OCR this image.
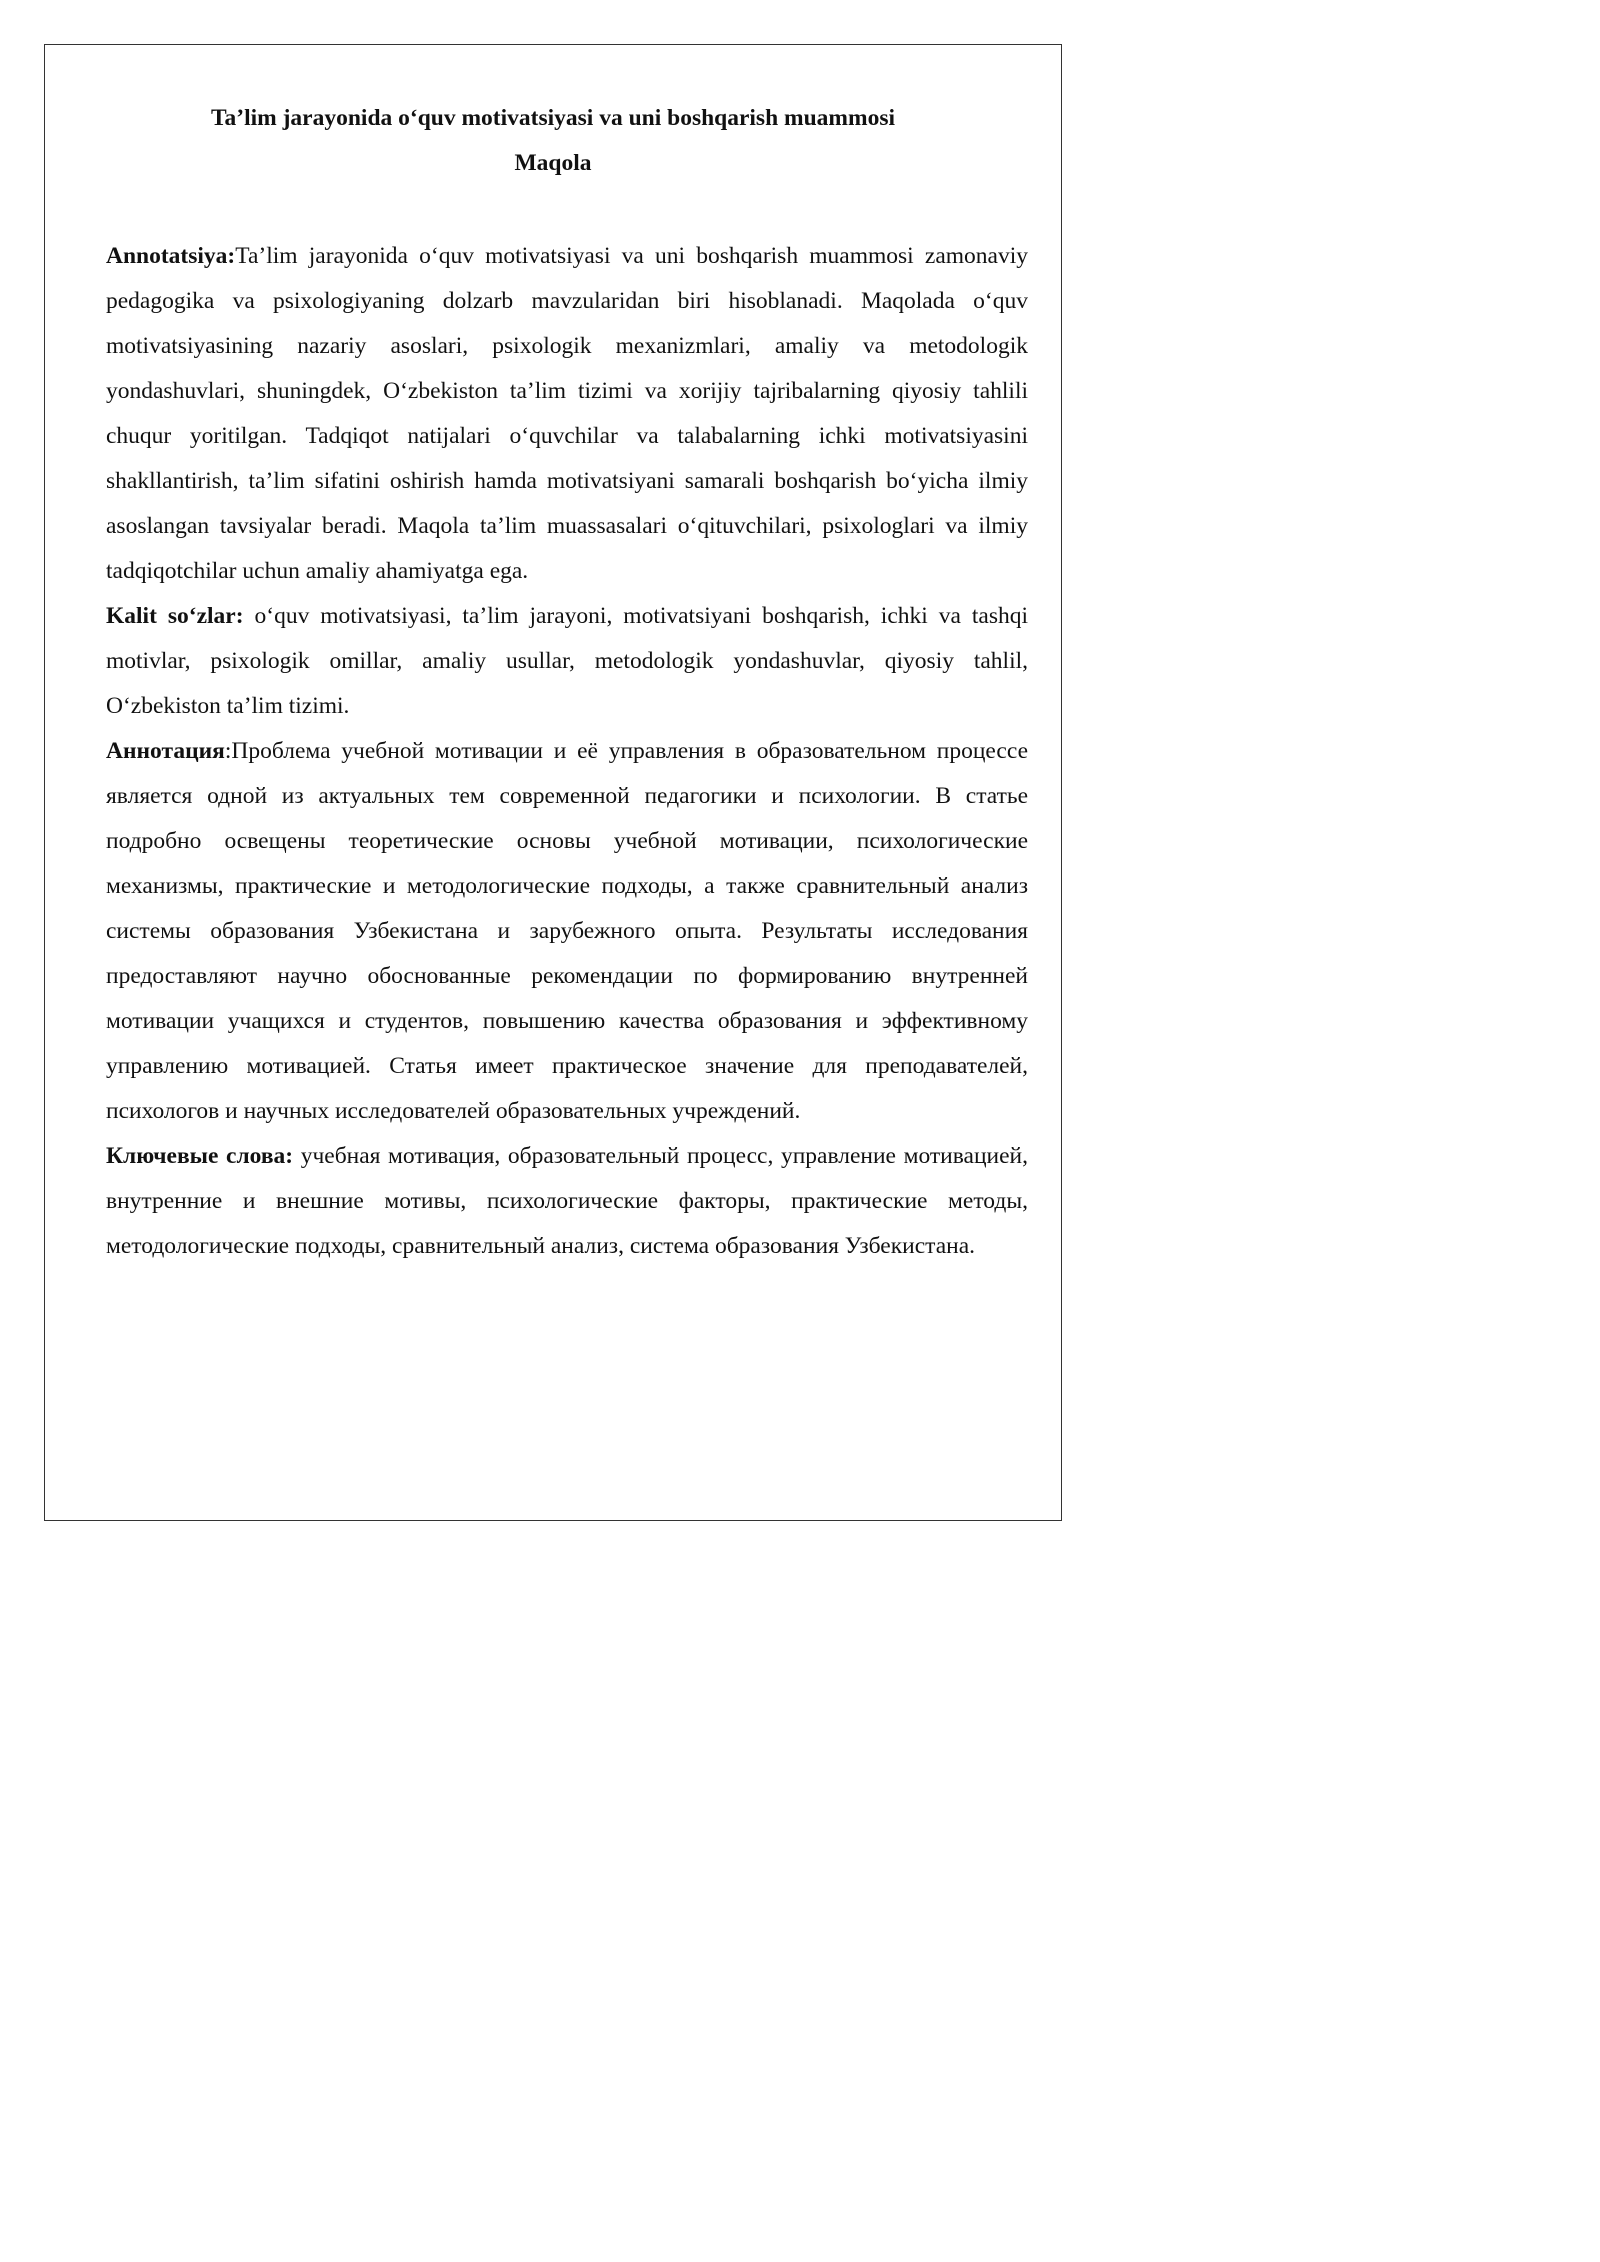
Ta’lim jarayonida o‘quv motivatsiyasi va uni boshqarish muammosi
Maqola

Annotatsiya:Ta’lim jarayonida o‘quv motivatsiyasi va uni boshqarish muammosi zamonaviy pedagogika va psixologiyaning dolzarb mavzularidan biri hisoblanadi. Maqolada o‘quv motivatsiyasining nazariy asoslari, psixologik mexanizmlari, amaliy va metodologik yondashuvlari, shuningdek, O‘zbekiston ta’lim tizimi va xorijiy tajribalarning qiyosiy tahlili chuqur yoritilgan. Tadqiqot natijalari o‘quvchilar va talabalarning ichki motivatsiyasini shakllantirish, ta’lim sifatini oshirish hamda motivatsiyani samarali boshqarish bo‘yicha ilmiy asoslangan tavsiyalar beradi. Maqola ta’lim muassasalari o‘qituvchilari, psixologlari va ilmiy tadqiqotchilar uchun amaliy ahamiyatga ega.

Kalit so‘zlar: o‘quv motivatsiyasi, ta’lim jarayoni, motivatsiyani boshqarish, ichki va tashqi motivlar, psixologik omillar, amaliy usullar, metodologik yondashuvlar, qiyosiy tahlil, O‘zbekiston ta’lim tizimi.

Аннотация:Проблема учебной мотивации и её управления в образовательном процессе является одной из актуальных тем современной педагогики и психологии. В статье подробно освещены теоретические основы учебной мотивации, психологические механизмы, практические и методологические подходы, а также сравнительный анализ системы образования Узбекистана и зарубежного опыта. Результаты исследования предоставляют научно обоснованные рекомендации по формированию внутренней мотивации учащихся и студентов, повышению качества образования и эффективному управлению мотивацией. Статья имеет практическое значение для преподавателей, психологов и научных исследователей образовательных учреждений.

Ключевые слова: учебная мотивация, образовательный процесс, управление мотивацией, внутренние и внешние мотивы, психологические факторы, практические методы, методологические подходы, сравнительный анализ, система образования Узбекистана.
